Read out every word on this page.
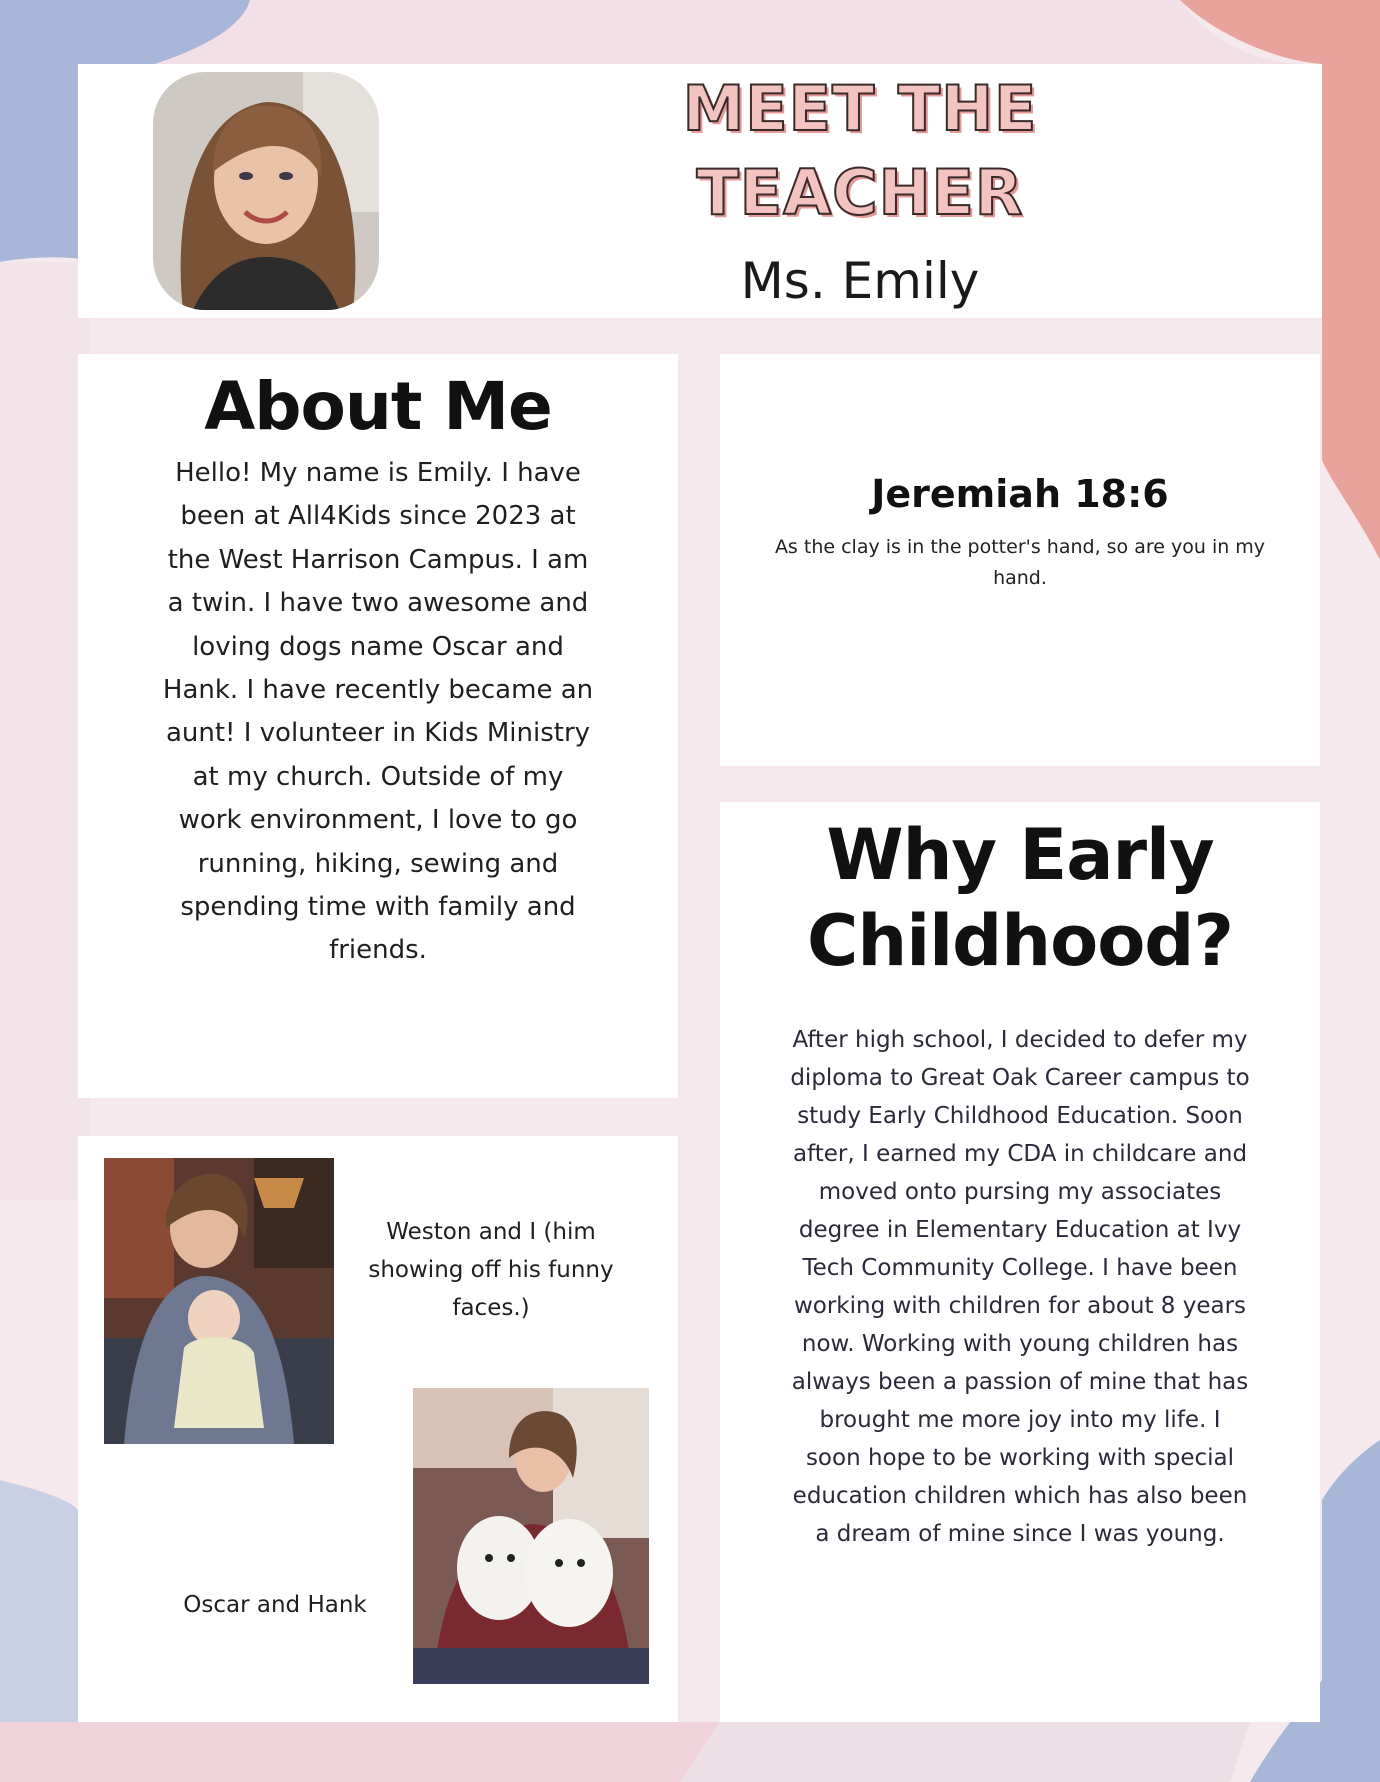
MEET THE
TEACHER
Ms. Emily
About Me
Hello! My name is Emily. I have been at All4Kids since 2023 at the West Harrison Campus. I am a twin. I have two awesome and loving dogs name Oscar and Hank. I have recently became an aunt! I volunteer in Kids Ministry at my church. Outside of my work environment, I love to go running, hiking, sewing and spending time with family and friends.
Jeremiah 18:6
As the clay is in the potter's hand, so are you in my hand.
Why Early Childhood?
After high school, I decided to defer my diploma to Great Oak Career campus to study Early Childhood Education. Soon after, I earned my CDA in childcare and moved onto pursing my associates degree in Elementary Education at Ivy Tech Community College. I have been working with children for about 8 years now. Working with young children has always been a passion of mine that has brought me more joy into my life. I soon hope to be working with special education children which has also been a dream of mine since I was young.
Weston and I (him showing off his funny faces.)
Oscar and Hank
